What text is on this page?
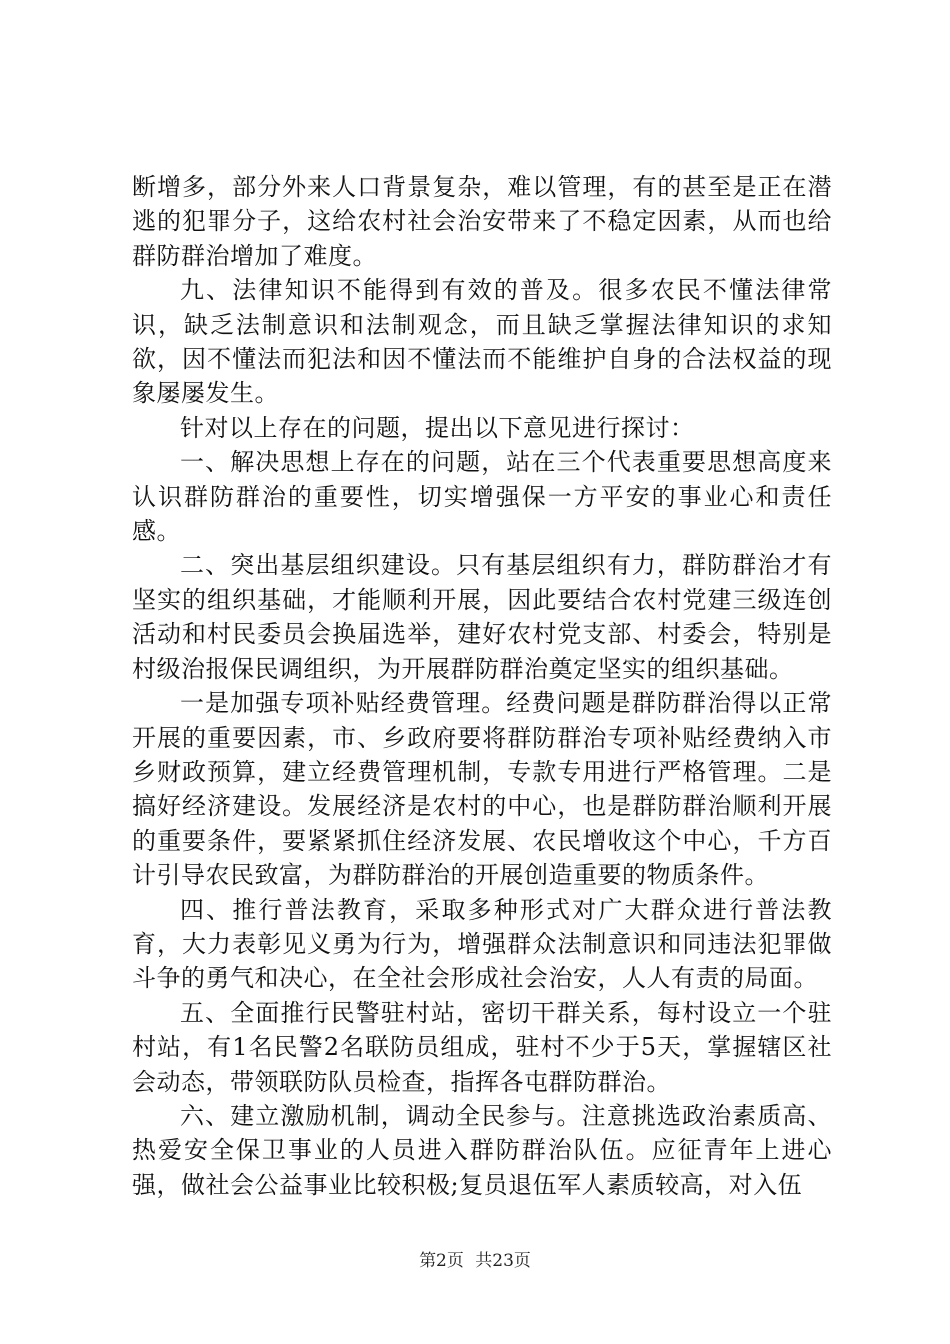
断增多，部分外来人口背景复杂，难以管理，有的甚至是正在潜逃的犯罪分子，这给农村社会治安带来了不稳定因素，从而也给群防群治增加了难度。

九、法律知识不能得到有效的普及。很多农民不懂法律常识，缺乏法制意识和法制观念，而且缺乏掌握法律知识的求知欲，因不懂法而犯法和因不懂法而不能维护自身的合法权益的现象屡屡发生。

针对以上存在的问题，提出以下意见进行探讨：

一、解决思想上存在的问题，站在三个代表重要思想高度来认识群防群治的重要性，切实增强保一方平安的事业心和责任感。

二、突出基层组织建设。只有基层组织有力，群防群治才有坚实的组织基础，才能顺利开展，因此要结合农村党建三级连创活动和村民委员会换届选举，建好农村党支部、村委会，特别是村级治报保民调组织，为开展群防群治奠定坚实的组织基础。

一是加强专项补贴经费管理。经费问题是群防群治得以正常开展的重要因素，市、乡政府要将群防群治专项补贴经费纳入市乡财政预算，建立经费管理机制，专款专用进行严格管理。二是搞好经济建设。发展经济是农村的中心，也是群防群治顺利开展的重要条件，要紧紧抓住经济发展、农民增收这个中心，千方百计引导农民致富，为群防群治的开展创造重要的物质条件。

四、推行普法教育，采取多种形式对广大群众进行普法教育，大力表彰见义勇为行为，增强群众法制意识和同违法犯罪做斗争的勇气和决心，在全社会形成社会治安，人人有责的局面。

五、全面推行民警驻村站，密切干群关系，每村设立一个驻村站，有1名民警2名联防员组成，驻村不少于5天，掌握辖区社会动态，带领联防队员检查，指挥各屯群防群治。

六、建立激励机制，调动全民参与。注意挑选政治素质高、热爱安全保卫事业的人员进入群防群治队伍。应征青年上进心强，做社会公益事业比较积极;复员退伍军人素质较高，对入伍

第2页 共23页
